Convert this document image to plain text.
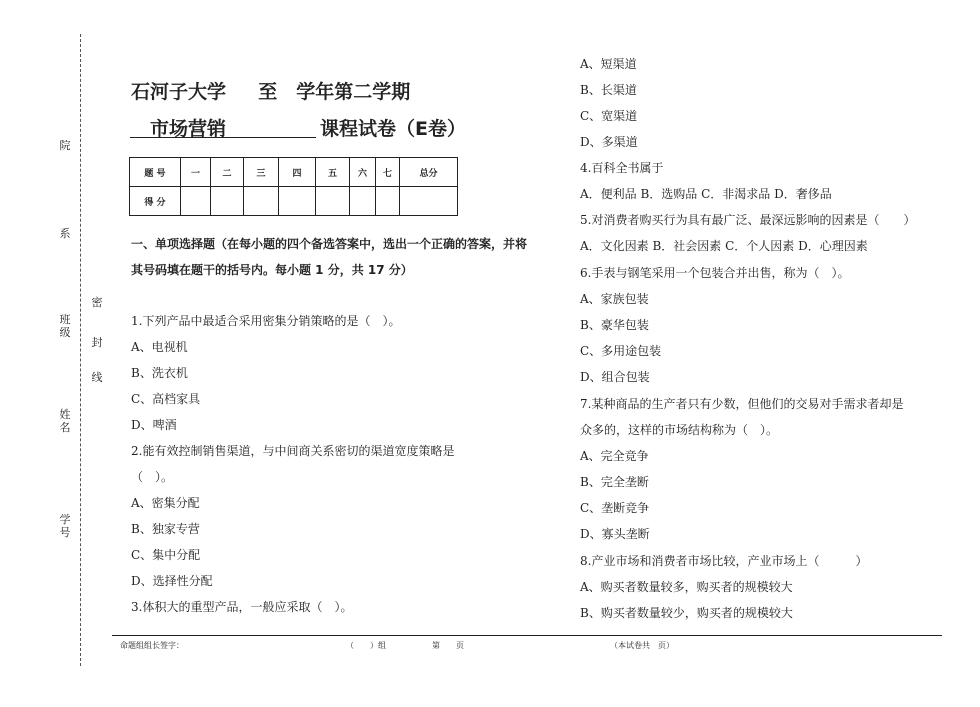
院
系
班级
姓名
学号
密
封
线
石河子大学　  至　学年第二学期
市场营销	课程试卷（E卷）
题 号	一	二	三	四	五	六	七	总分
得 分								
一、单项选择题（在每小题的四个备选答案中，选出一个正确的答案，并将其号码填在题干的括号内。每小题 1 分，共 17 分）
1.下列产品中最适合采用密集分销策略的是（　）。
A、电视机
B、洗衣机
C、高档家具
D、啤酒
2.能有效控制销售渠道，与中间商关系密切的渠道宽度策略是
（　）。
A、密集分配
B、独家专营
C、集中分配
D、选择性分配
3.体积大的重型产品，一般应采取（　）。
A、短渠道
B、长渠道
C、宽渠道
D、多渠道
4.百科全书属于
A．便利品 B．选购品 C．非渴求品 D．奢侈品
5.对消费者购买行为具有最广泛、最深远影响的因素是（　　）
A．文化因素 B．社会因素 C．个人因素 D．心理因素
6.手表与钢笔采用一个包装合并出售，称为（　）。
A、家族包装
B、豪华包装
C、多用途包装
D、组合包装
7.某种商品的生产者只有少数，但他们的交易对手需求者却是
众多的，这样的市场结构称为（　）。
A、完全竞争
B、完全垄断
C、垄断竞争
D、寡头垄断
8.产业市场和消费者市场比较，产业市场上（　　　）
A、购买者数量较多，购买者的规模较大
B、购买者数量较少，购买者的规模较大
命题组组长签字：	（　　）组	第　　页	（本试卷共　页）
